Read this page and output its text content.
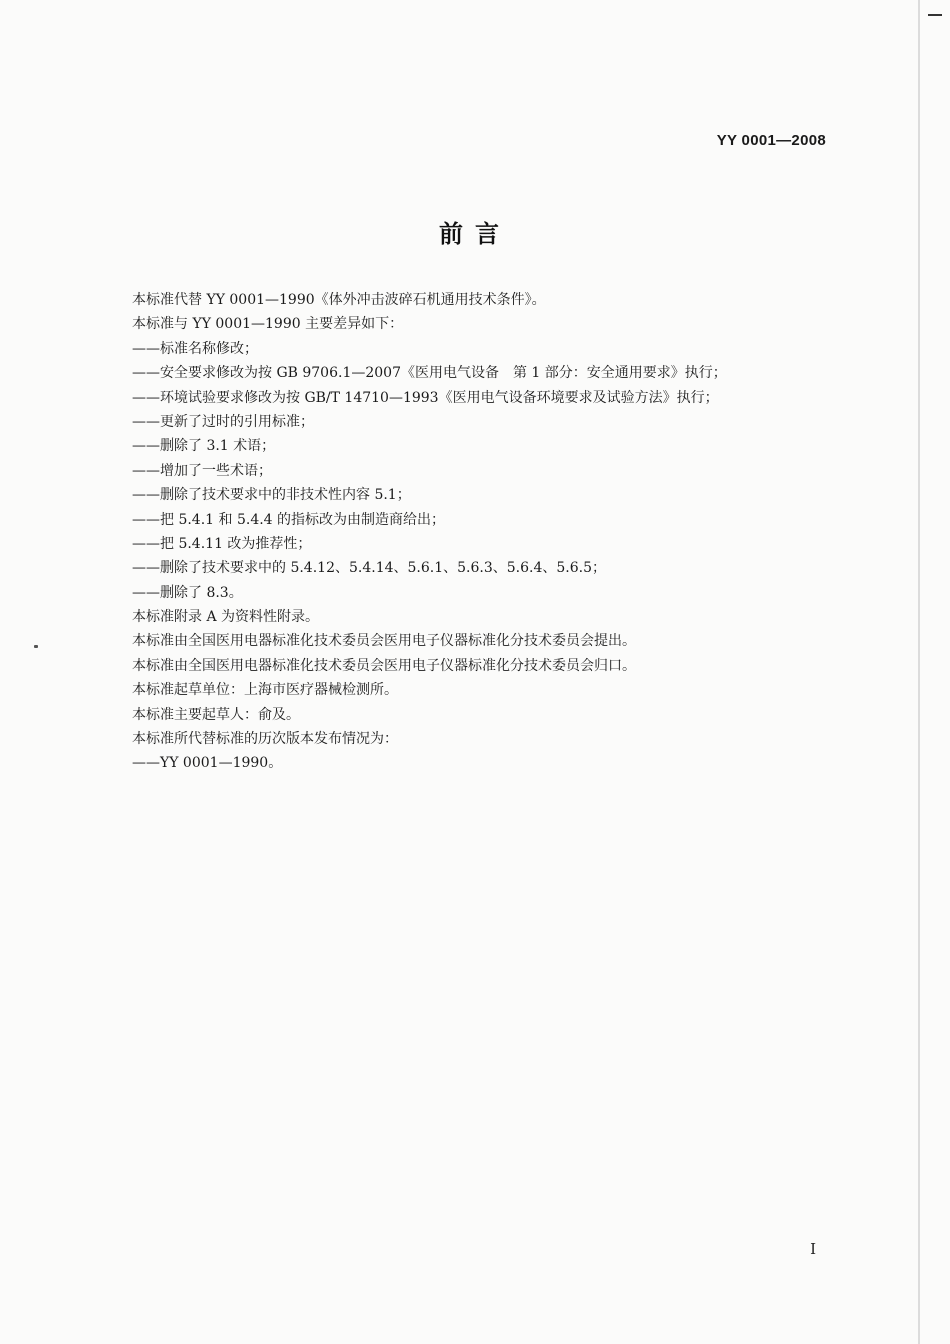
YY 0001—2008
前言
本标准代替 YY 0001—1990《体外冲击波碎石机通用技术条件》。
本标准与 YY 0001—1990 主要差异如下：
——标准名称修改；
——安全要求修改为按 GB 9706.1—2007《医用电气设备　第 1 部分：安全通用要求》执行；
——环境试验要求修改为按 GB/T 14710—1993《医用电气设备环境要求及试验方法》执行；
——更新了过时的引用标准；
——删除了 3.1 术语；
——增加了一些术语；
——删除了技术要求中的非技术性内容 5.1；
——把 5.4.1 和 5.4.4 的指标改为由制造商给出；
——把 5.4.11 改为推荐性；
——删除了技术要求中的 5.4.12、5.4.14、5.6.1、5.6.3、5.6.4、5.6.5；
——删除了 8.3。
本标准附录 A 为资料性附录。
本标准由全国医用电器标准化技术委员会医用电子仪器标准化分技术委员会提出。
本标准由全国医用电器标准化技术委员会医用电子仪器标准化分技术委员会归口。
本标准起草单位：上海市医疗器械检测所。
本标准主要起草人：俞及。
本标准所代替标准的历次版本发布情况为：
——YY 0001—1990。
I
